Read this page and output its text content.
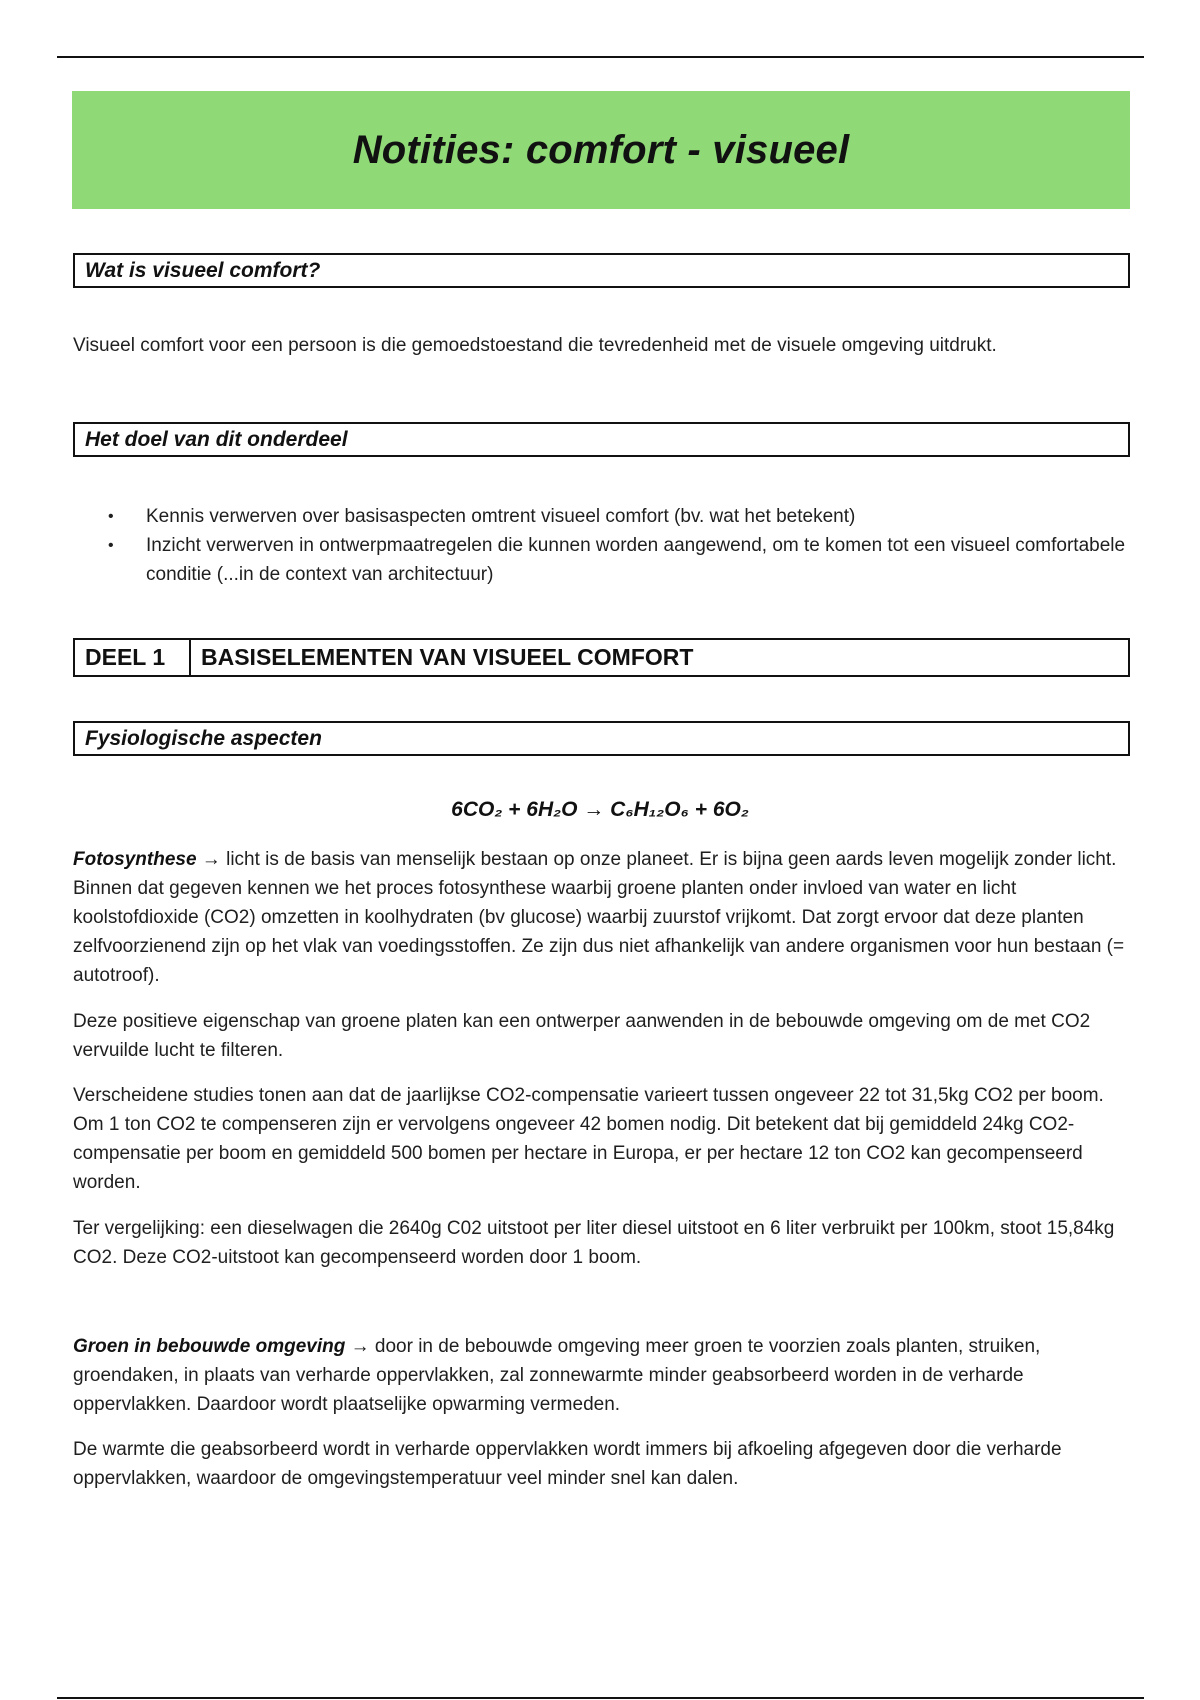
Notities: comfort - visueel
Wat is visueel comfort?

Visueel comfort voor een persoon is die gemoedstoestand die tevredenheid met de visuele omgeving uitdrukt.

Het doel van dit onderdeel
•	Kennis verwerven over basisaspecten omtrent visueel comfort (bv. wat het betekent)
•	Inzicht verwerven in ontwerpmaatregelen die kunnen worden aangewend, om te komen tot een visueel comfortabele conditie (...in de context van architectuur)
DEEL 1	BASISELEMENTEN VAN VISUEEL COMFORT
Fysiologische aspecten
6CO₂ + 6H₂O → C₆H₁₂O₆ + 6O₂

Fotosynthese → licht is de basis van menselijk bestaan op onze planeet. Er is bijna geen aards leven mogelijk zonder licht. Binnen dat gegeven kennen we het proces fotosynthese waarbij groene planten onder invloed van water en licht koolstofdioxide (CO2) omzetten in koolhydraten (bv glucose) waarbij zuurstof vrijkomt. Dat zorgt ervoor dat deze planten zelfvoorzienend zijn op het vlak van voedingsstoffen. Ze zijn dus niet afhankelijk van andere organismen voor hun bestaan (= autotroof).

Deze positieve eigenschap van groene platen kan een ontwerper aanwenden in de bebouwde omgeving om de met CO2 vervuilde lucht te filteren.

Verscheidene studies tonen aan dat de jaarlijkse CO2-compensatie varieert tussen ongeveer 22 tot 31,5kg CO2 per boom. Om 1 ton CO2 te compenseren zijn er vervolgens ongeveer 42 bomen nodig. Dit betekent dat bij gemiddeld 24kg CO2-compensatie per boom en gemiddeld 500 bomen per hectare in Europa, er per hectare 12 ton CO2 kan gecompenseerd worden.

Ter vergelijking: een dieselwagen die 2640g C02 uitstoot per liter diesel uitstoot en 6 liter verbruikt per 100km, stoot 15,84kg CO2. Deze CO2-uitstoot kan gecompenseerd worden door 1 boom.

Groen in bebouwde omgeving → door in de bebouwde omgeving meer groen te voorzien zoals planten, struiken, groendaken, in plaats van verharde oppervlakken, zal zonnewarmte minder geabsorbeerd worden in de verharde oppervlakken. Daardoor wordt plaatselijke opwarming vermeden.

De warmte die geabsorbeerd wordt in verharde oppervlakken wordt immers bij afkoeling afgegeven door die verharde oppervlakken, waardoor de omgevingstemperatuur veel minder snel kan dalen.
